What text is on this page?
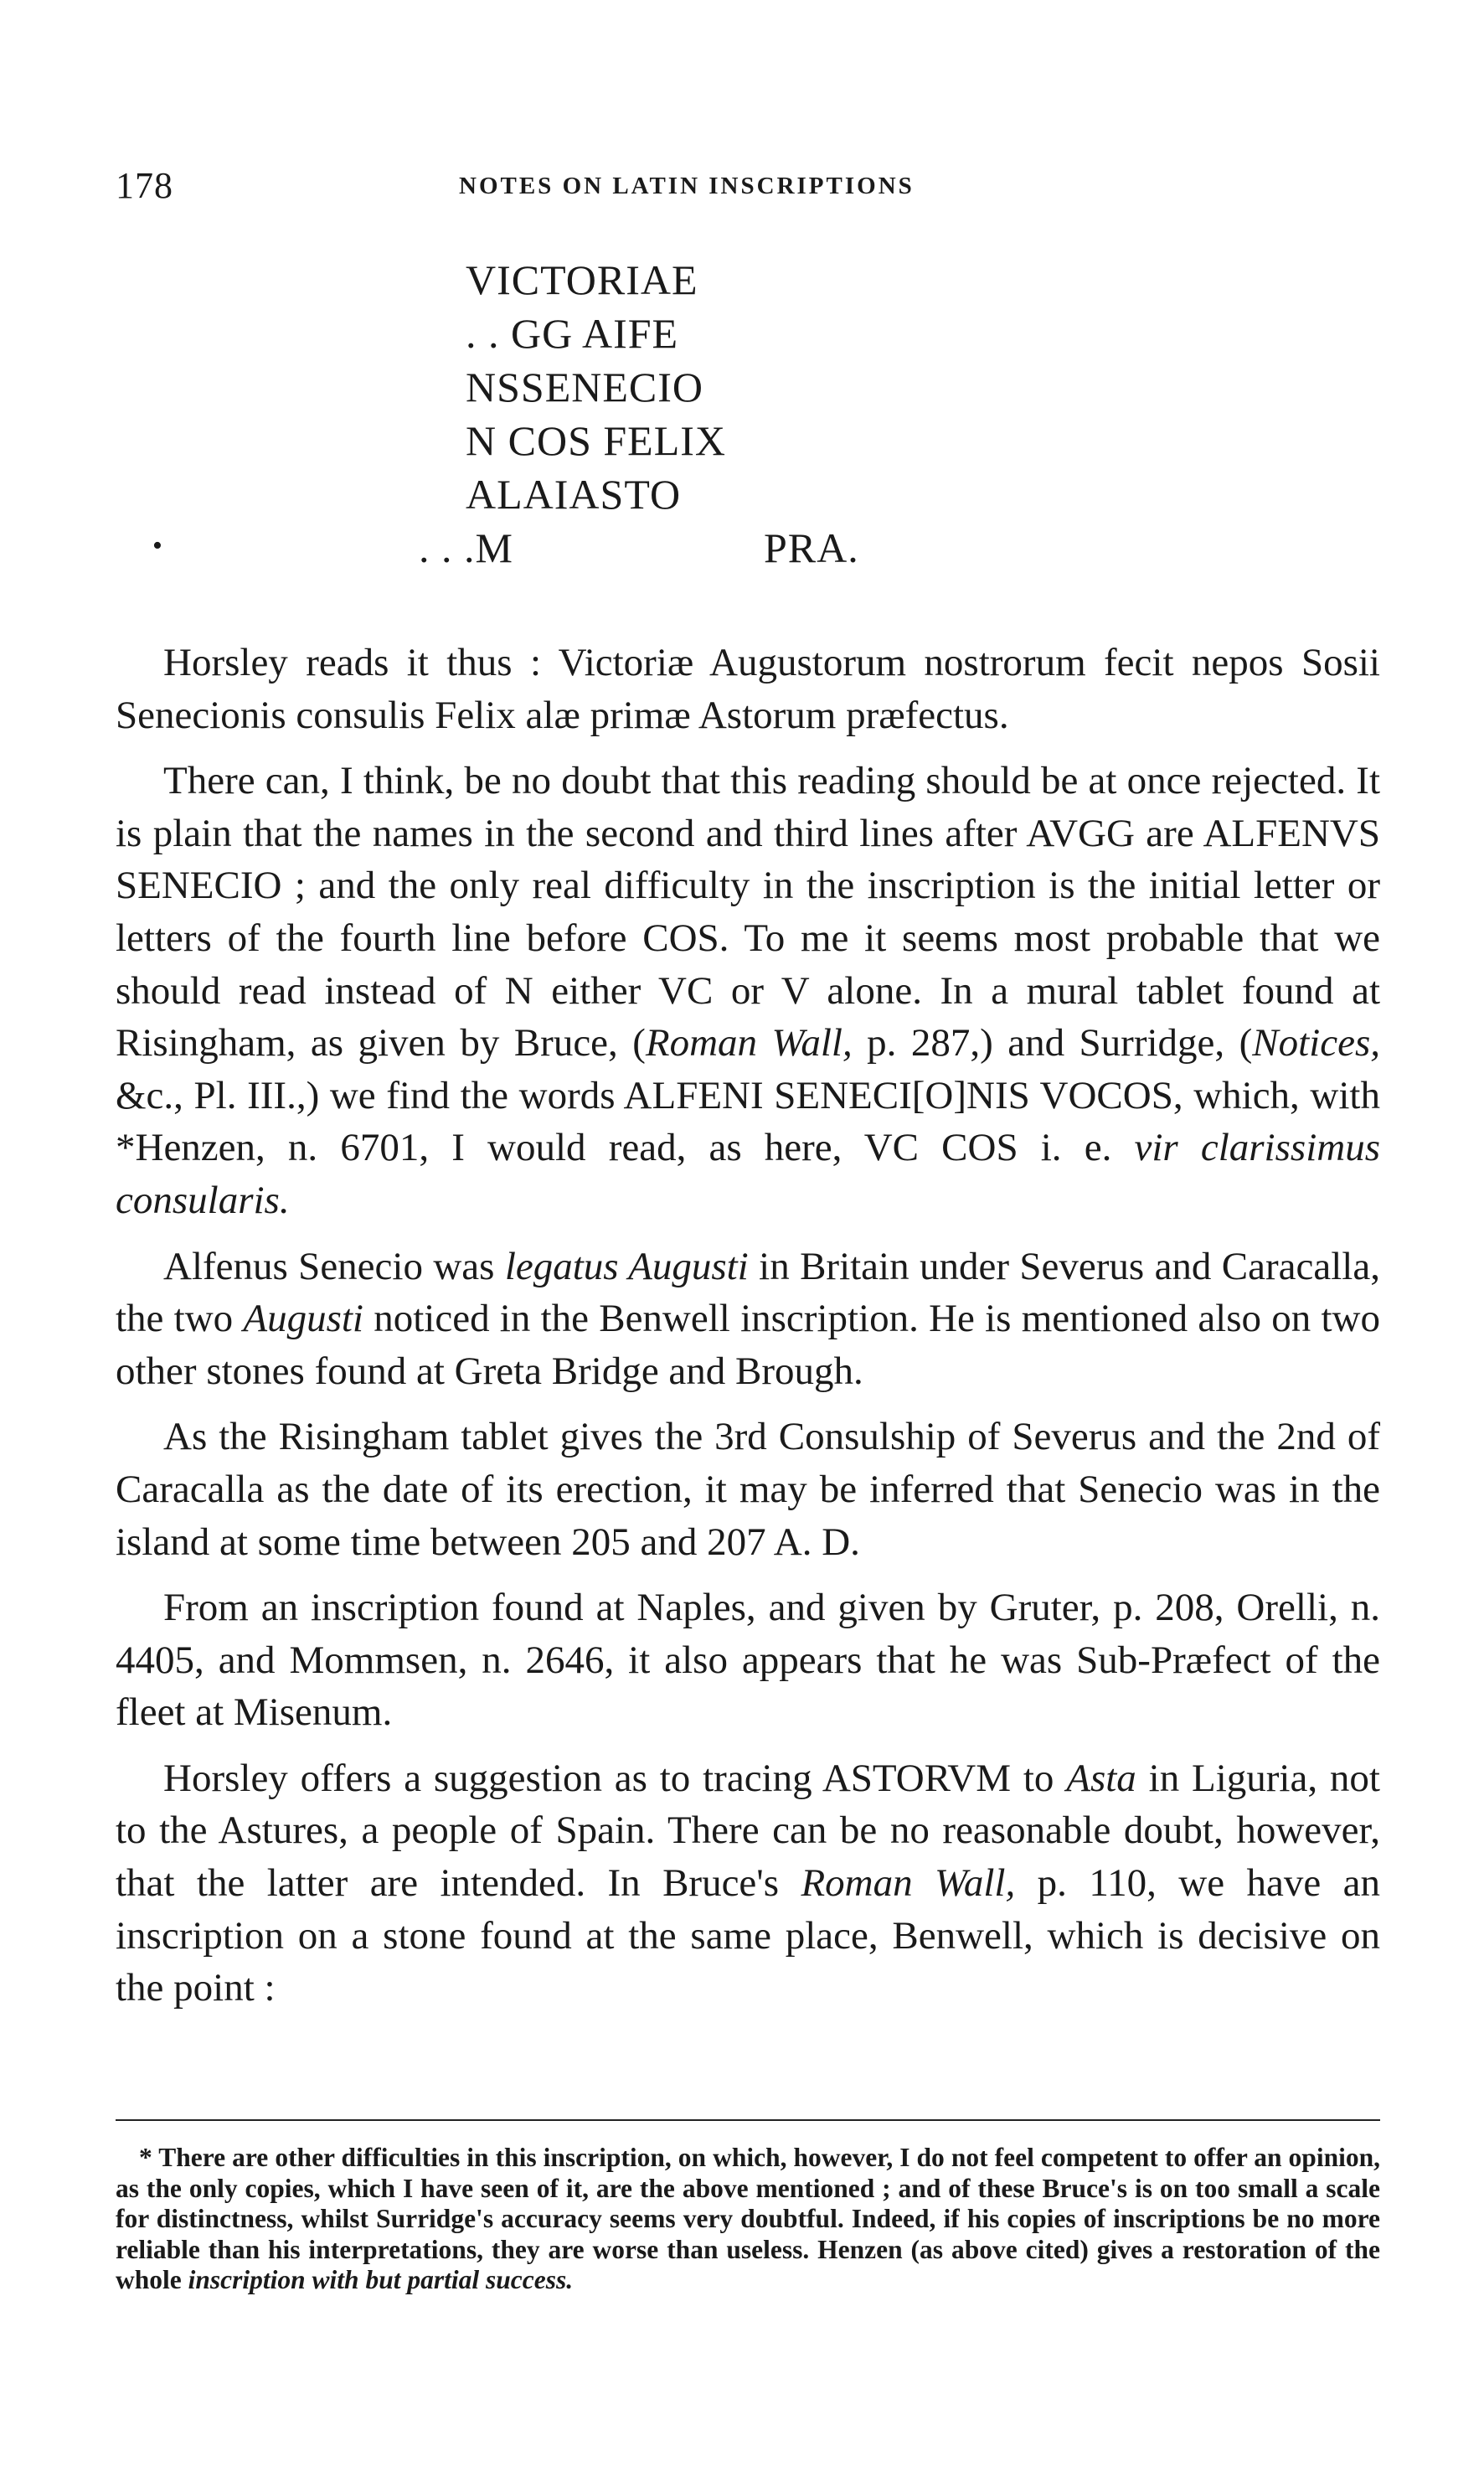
178	NOTES ON LATIN INSCRIPTIONS
VICTORIAE
. . GG AIFE
NSSENECIO
N COS FELIX
ALAIASTO
. . .M	PRA.
•

Horsley reads it thus : Victoriæ Augustorum nostrorum fecit nepos Sosii Senecionis consulis Felix alæ primæ Astorum præfectus.

There can, I think, be no doubt that this reading should be at once rejected. It is plain that the names in the second and third lines after AVGG are ALFENVS SENECIO ; and the only real difficulty in the inscription is the initial letter or letters of the fourth line before COS. To me it seems most probable that we should read instead of N either VC or V alone. In a mural tablet found at Risingham, as given by Bruce, (Roman Wall, p. 287,) and Surridge, (Notices, &c., Pl. III.,) we find the words ALFENI SENECI[O]NIS VOCOS, which, with *Henzen, n. 6701, I would read, as here, VC COS i. e. vir clarissimus consularis.

Alfenus Senecio was legatus Augusti in Britain under Severus and Caracalla, the two Augusti noticed in the Benwell inscription. He is mentioned also on two other stones found at Greta Bridge and Brough.

As the Risingham tablet gives the 3rd Consulship of Severus and the 2nd of Caracalla as the date of its erection, it may be inferred that Senecio was in the island at some time between 205 and 207 A. D.

From an inscription found at Naples, and given by Gruter, p. 208, Orelli, n. 4405, and Mommsen, n. 2646, it also appears that he was Sub-Præfect of the fleet at Misenum.

Horsley offers a suggestion as to tracing ASTORVM to Asta in Liguria, not to the Astures, a people of Spain. There can be no reasonable doubt, however, that the latter are intended. In Bruce's Roman Wall, p. 110, we have an inscription on a stone found at the same place, Benwell, which is decisive on the point :

* There are other difficulties in this inscription, on which, however, I do not feel competent to offer an opinion, as the only copies, which I have seen of it, are the above mentioned ; and of these Bruce's is on too small a scale for distinctness, whilst Surridge's accuracy seems very doubtful. Indeed, if his copies of inscriptions be no more reliable than his interpretations, they are worse than useless. Henzen (as above cited) gives a restoration of the whole inscription with but partial success.
